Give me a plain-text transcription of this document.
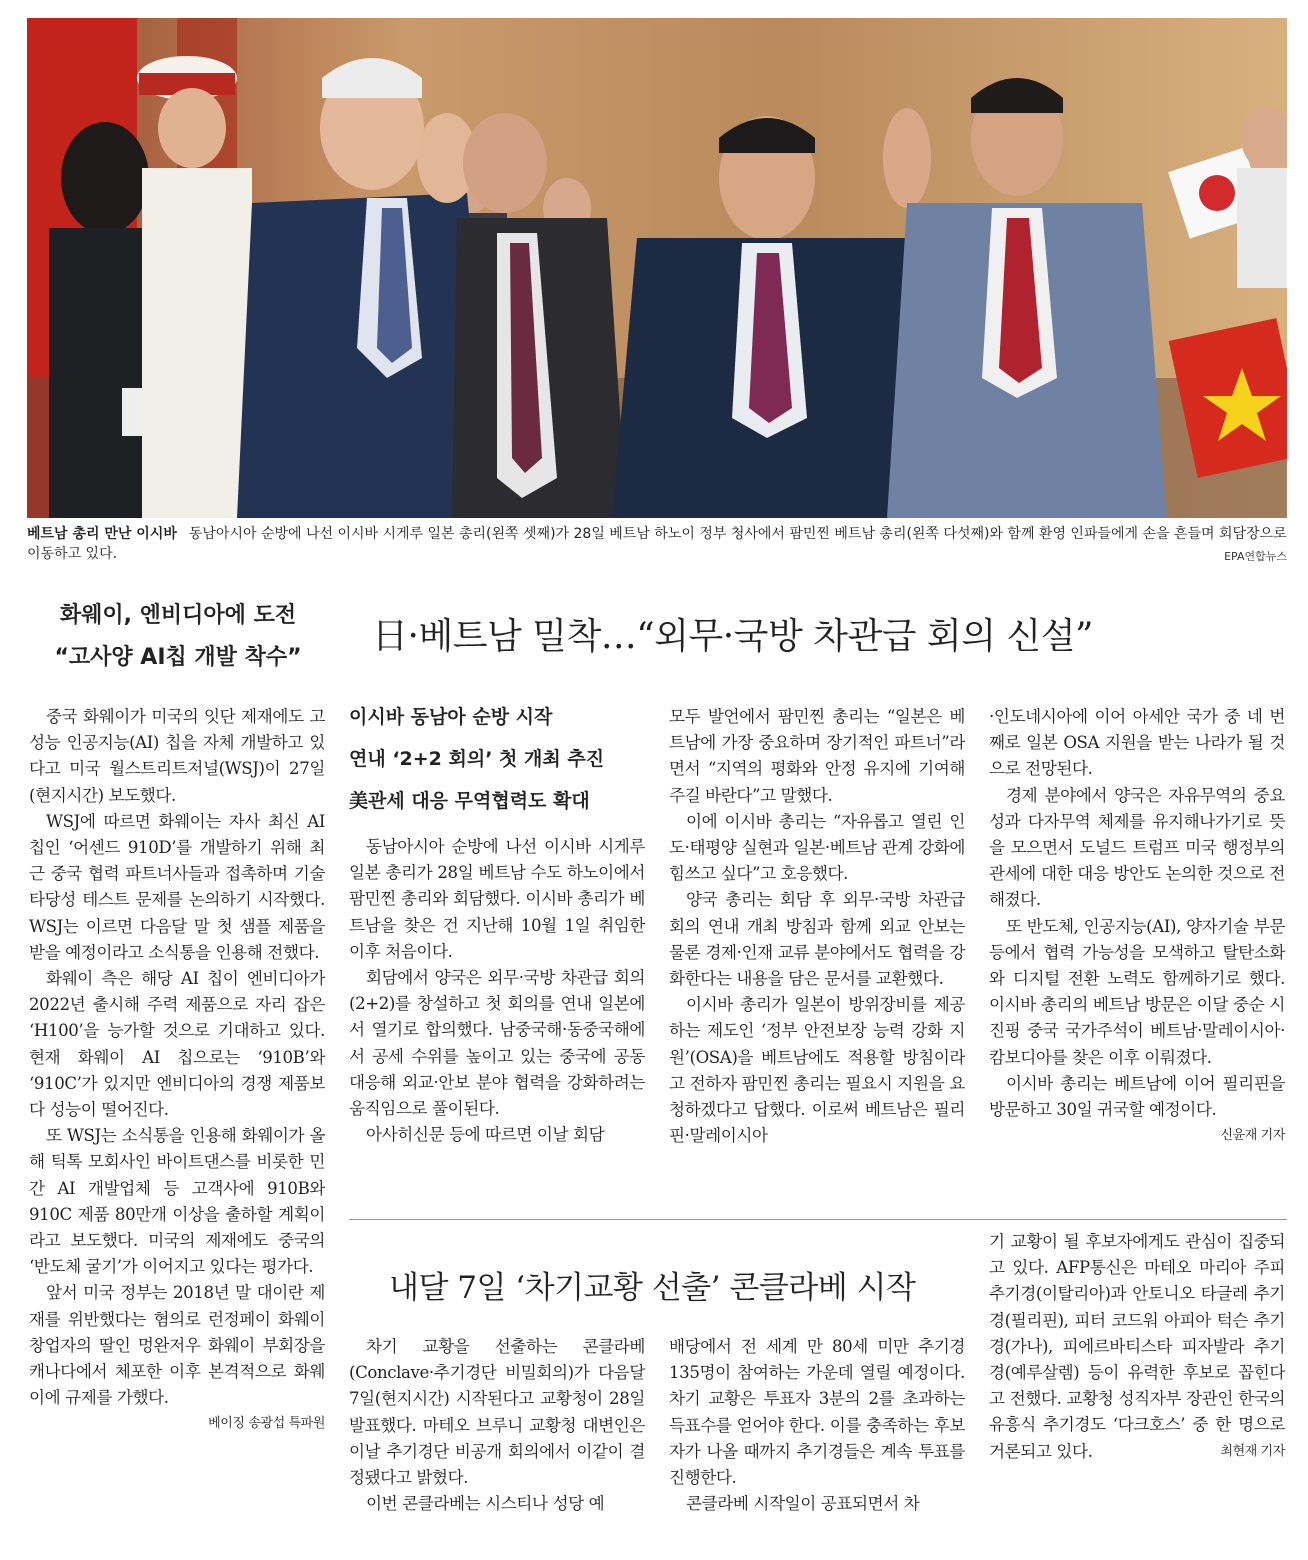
베트남 총리 만난 이시바 동남아시아 순방에 나선 이시바 시게루 일본 총리(왼쪽 셋째)가 28일 베트남 하노이 정부 청사에서 팜민찐 베트남 총리(왼쪽 다섯째)와 함께 환영 인파들에게 손을 흔들며 회담장으로 이동하고 있다.	EPA연합뉴스
화웨이, 엔비디아에 도전
“고사양 AI칩 개발 착수”

중국 화웨이가 미국의 잇단 제재에도 고성능 인공지능(AI) 칩을 자체 개발하고 있다고 미국 월스트리트저널(WSJ)이 27일(현지시간) 보도했다.

WSJ에 따르면 화웨이는 자사 최신 AI 칩인 ‘어센드 910D’를 개발하기 위해 최근 중국 협력 파트너사들과 접촉하며 기술 타당성 테스트 문제를 논의하기 시작했다. WSJ는 이르면 다음달 말 첫 샘플 제품을 받을 예정이라고 소식통을 인용해 전했다.

화웨이 측은 해당 AI 칩이 엔비디아가 2022년 출시해 주력 제품으로 자리 잡은 ‘H100’을 능가할 것으로 기대하고 있다. 현재 화웨이 AI 칩으로는 ‘910B’와 ‘910C’가 있지만 엔비디아의 경쟁 제품보다 성능이 떨어진다.

또 WSJ는 소식통을 인용해 화웨이가 올해 틱톡 모회사인 바이트댄스를 비롯한 민간 AI 개발업체 등 고객사에 910B와 910C 제품 80만개 이상을 출하할 계획이라고 보도했다. 미국의 제재에도 중국의 ‘반도체 굴기’가 이어지고 있다는 평가다.

앞서 미국 정부는 2018년 말 대이란 제재를 위반했다는 혐의로 런정페이 화웨이 창업자의 딸인 멍완저우 화웨이 부회장을 캐나다에서 체포한 이후 본격적으로 화웨이에 규제를 가했다.

베이징 송광섭 특파원

日·베트남 밀착…“외무·국방 차관급 회의 신설”
이시바 동남아 순방 시작
연내 ‘2+2 회의’ 첫 개최 추진
美관세 대응 무역협력도 확대

동남아시아 순방에 나선 이시바 시게루 일본 총리가 28일 베트남 수도 하노이에서 팜민찐 총리와 회담했다. 이시바 총리가 베트남을 찾은 건 지난해 10월 1일 취임한 이후 처음이다.

회담에서 양국은 외무·국방 차관급 회의(2+2)를 창설하고 첫 회의를 연내 일본에서 열기로 합의했다. 남중국해·동중국해에서 공세 수위를 높이고 있는 중국에 공동 대응해 외교·안보 분야 협력을 강화하려는 움직임으로 풀이된다.

아사히신문 등에 따르면 이날 회담

모두 발언에서 팜민찐 총리는 “일본은 베트남에 가장 중요하며 장기적인 파트너”라면서 “지역의 평화와 안정 유지에 기여해주길 바란다”고 말했다.

이에 이시바 총리는 “자유롭고 열린 인도·태평양 실현과 일본·베트남 관계 강화에 힘쓰고 싶다”고 호응했다.

양국 총리는 회담 후 외무·국방 차관급 회의 연내 개최 방침과 함께 외교 안보는 물론 경제·인재 교류 분야에서도 협력을 강화한다는 내용을 담은 문서를 교환했다.

이시바 총리가 일본이 방위장비를 제공하는 제도인 ‘정부 안전보장 능력 강화 지원’(OSA)을 베트남에도 적용할 방침이라고 전하자 팜민찐 총리는 필요시 지원을 요청하겠다고 답했다. 이로써 베트남은 필리핀·말레이시아

·인도네시아에 이어 아세안 국가 중 네 번째로 일본 OSA 지원을 받는 나라가 될 것으로 전망된다.

경제 분야에서 양국은 자유무역의 중요성과 다자무역 체제를 유지해나가기로 뜻을 모으면서 도널드 트럼프 미국 행정부의 관세에 대한 대응 방안도 논의한 것으로 전해졌다.

또 반도체, 인공지능(AI), 양자기술 부문 등에서 협력 가능성을 모색하고 탈탄소화와 디지털 전환 노력도 함께하기로 했다. 이시바 총리의 베트남 방문은 이달 중순 시진핑 중국 국가주석이 베트남·말레이시아·캄보디아를 찾은 이후 이뤄졌다.

이시바 총리는 베트남에 이어 필리핀을 방문하고 30일 귀국할 예정이다.

신윤재 기자

내달 7일 ‘차기교황 선출’ 콘클라베 시작

차기 교황을 선출하는 콘클라베(Conclave·추기경단 비밀회의)가 다음달 7일(현지시간) 시작된다고 교황청이 28일 발표했다. 마테오 브루니 교황청 대변인은 이날 추기경단 비공개 회의에서 이같이 결정됐다고 밝혔다.

이번 콘클라베는 시스티나 성당 예

배당에서 전 세계 만 80세 미만 추기경 135명이 참여하는 가운데 열릴 예정이다. 차기 교황은 투표자 3분의 2를 초과하는 득표수를 얻어야 한다. 이를 충족하는 후보자가 나올 때까지 추기경들은 계속 투표를 진행한다.

콘클라베 시작일이 공표되면서 차

기 교황이 될 후보자에게도 관심이 집중되고 있다. AFP통신은 마테오 마리아 주피 추기경(이탈리아)과 안토니오 타글레 추기경(필리핀), 피터 코드워 아피아 턱슨 추기경(가나), 피에르바티스타 피자발라 추기경(예루살렘) 등이 유력한 후보로 꼽힌다고 전했다. 교황청 성직자부 장관인 한국의 유흥식 추기경도 ‘다크호스’ 중 한 명으로 거론되고 있다.	최현재 기자
